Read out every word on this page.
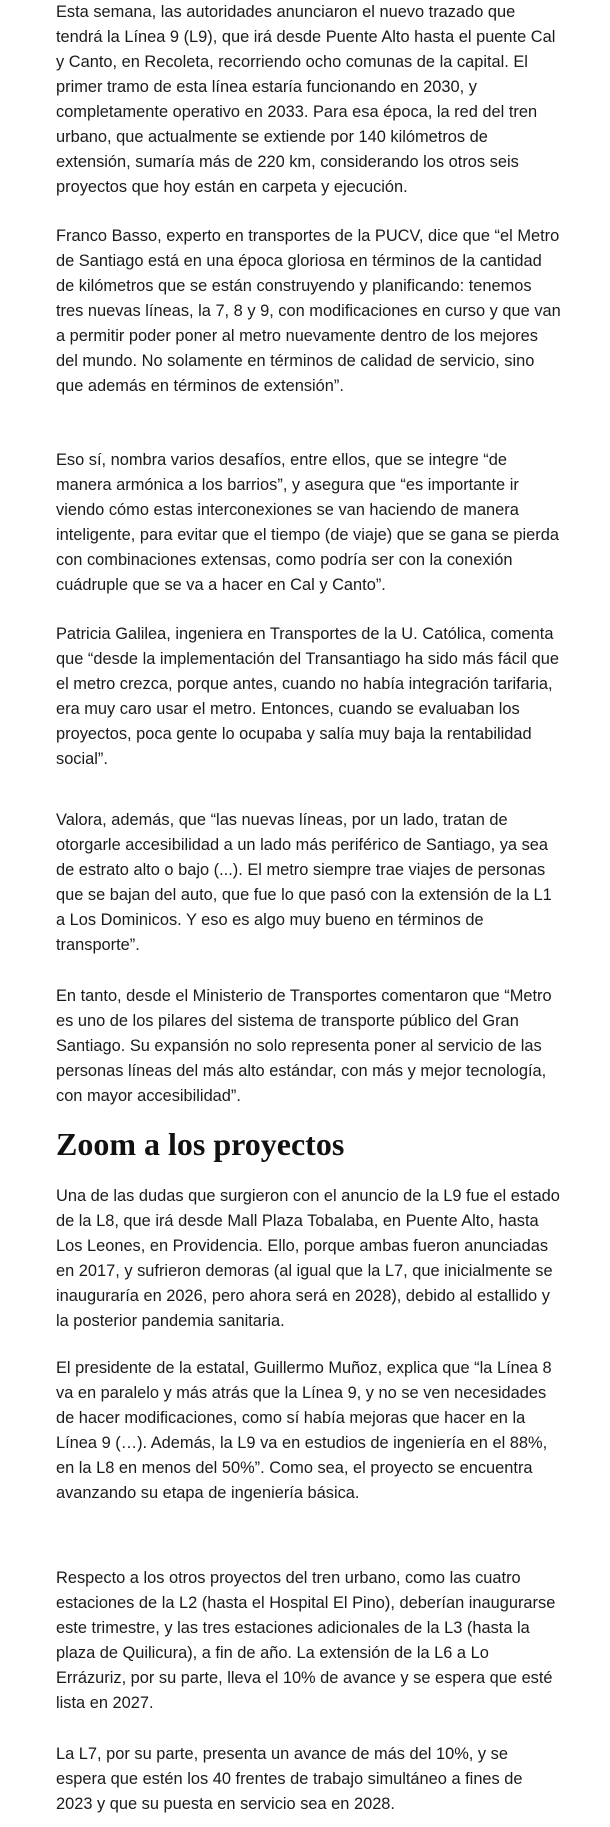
Esta semana, las autoridades anunciaron el nuevo trazado que tendrá la Línea 9 (L9), que irá desde Puente Alto hasta el puente Cal y Canto, en Recoleta, recorriendo ocho comunas de la capital. El primer tramo de esta línea estaría funcionando en 2030, y completamente operativo en 2033. Para esa época, la red del tren urbano, que actualmente se extiende por 140 kilómetros de extensión, sumaría más de 220 km, considerando los otros seis proyectos que hoy están en carpeta y ejecución.

Franco Basso, experto en transportes de la PUCV, dice que “el Metro de Santiago está en una época gloriosa en términos de la cantidad de kilómetros que se están construyendo y planificando: tenemos tres nuevas líneas, la 7, 8 y 9, con modificaciones en curso y que van a permitir poder poner al metro nuevamente dentro de los mejores del mundo. No solamente en términos de calidad de servicio, sino que además en términos de extensión”.

Eso sí, nombra varios desafíos, entre ellos, que se integre “de manera armónica a los barrios”, y asegura que “es importante ir viendo cómo estas interconexiones se van haciendo de manera inteligente, para evitar que el tiempo (de viaje) que se gana se pierda con combinaciones extensas, como podría ser con la conexión cuádruple que se va a hacer en Cal y Canto”.

Patricia Galilea, ingeniera en Transportes de la U. Católica, comenta que “desde la implementación del Transantiago ha sido más fácil que el metro crezca, porque antes, cuando no había integración tarifaria, era muy caro usar el metro. Entonces, cuando se evaluaban los proyectos, poca gente lo ocupaba y salía muy baja la rentabilidad social”.

Valora, además, que “las nuevas líneas, por un lado, tratan de otorgarle accesibilidad a un lado más periférico de Santiago, ya sea de estrato alto o bajo (...). El metro siempre trae viajes de personas que se bajan del auto, que fue lo que pasó con la extensión de la L1 a Los Dominicos. Y eso es algo muy bueno en términos de transporte”.

En tanto, desde el Ministerio de Transportes comentaron que “Metro es uno de los pilares del sistema de transporte público del Gran Santiago. Su expansión no solo representa poner al servicio de las personas líneas del más alto estándar, con más y mejor tecnología, con mayor accesibilidad”.

Zoom a los proyectos

Una de las dudas que surgieron con el anuncio de la L9 fue el estado de la L8, que irá desde Mall Plaza Tobalaba, en Puente Alto, hasta Los Leones, en Providencia. Ello, porque ambas fueron anunciadas en 2017, y sufrieron demoras (al igual que la L7, que inicialmente se inauguraría en 2026, pero ahora será en 2028), debido al estallido y la posterior pandemia sanitaria.

El presidente de la estatal, Guillermo Muñoz, explica que “la Línea 8 va en paralelo y más atrás que la Línea 9, y no se ven necesidades de hacer modificaciones, como sí había mejoras que hacer en la Línea 9 (…). Además, la L9 va en estudios de ingeniería en el 88%, en la L8 en menos del 50%”. Como sea, el proyecto se encuentra avanzando su etapa de ingeniería básica.

Respecto a los otros proyectos del tren urbano, como las cuatro estaciones de la L2 (hasta el Hospital El Pino), deberían inaugurarse este trimestre, y las tres estaciones adicionales de la L3 (hasta la plaza de Quilicura), a fin de año. La extensión de la L6 a Lo Errázuriz, por su parte, lleva el 10% de avance y se espera que esté lista en 2027.

La L7, por su parte, presenta un avance de más del 10%, y se espera que estén los 40 frentes de trabajo simultáneo a fines de 2023 y que su puesta en servicio sea en 2028.
